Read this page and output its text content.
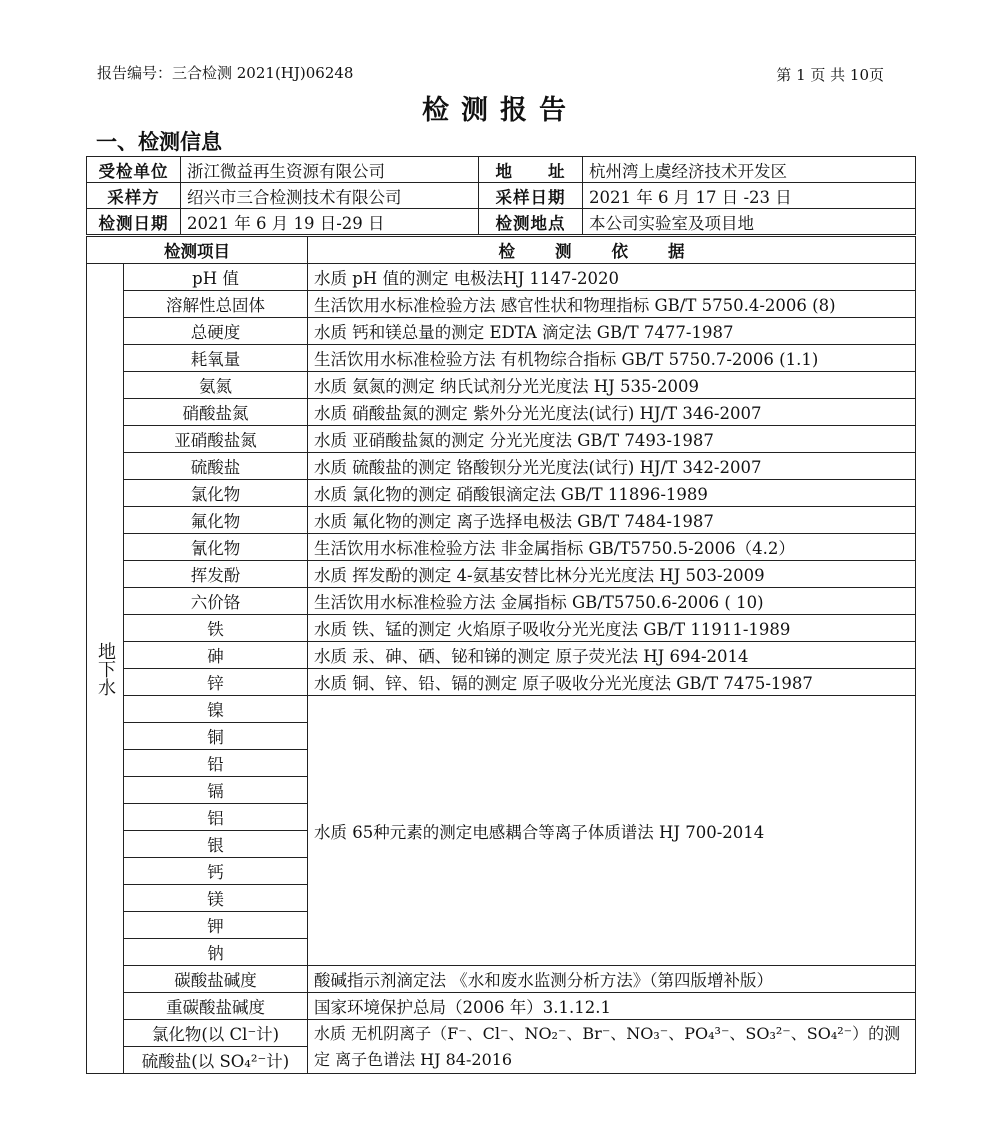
报告编号：三合检测 2021(HJ)06248	第 1 页 共 10页
检测报告
一、检测信息
受检单位	浙江微益再生资源有限公司	地　　址	杭州湾上虞经济技术开发区
采样方	绍兴市三合检测技术有限公司	采样日期	2021 年 6 月 17 日 -23 日
检测日期	2021 年 6 月 19 日-29 日	检测地点	本公司实验室及项目地
检测项目		检测依据

地下水	pH 值	水质 pH 值的测定 电极法HJ 1147-2020
	溶解性总固体	生活饮用水标准检验方法 感官性状和物理指标 GB/T 5750.4-2006 (8)
	总硬度	水质 钙和镁总量的测定 EDTA 滴定法 GB/T 7477-1987
	耗氧量	生活饮用水标准检验方法 有机物综合指标 GB/T 5750.7-2006 (1.1)
	氨氮	水质 氨氮的测定 纳氏试剂分光光度法 HJ 535-2009
	硝酸盐氮	水质 硝酸盐氮的测定 紫外分光光度法(试行) HJ/T 346-2007
	亚硝酸盐氮	水质 亚硝酸盐氮的测定 分光光度法 GB/T 7493-1987
	硫酸盐	水质 硫酸盐的测定 铬酸钡分光光度法(试行) HJ/T 342-2007
	氯化物	水质 氯化物的测定 硝酸银滴定法 GB/T 11896-1989
	氟化物	水质 氟化物的测定 离子选择电极法 GB/T 7484-1987
	氰化物	生活饮用水标准检验方法 非金属指标 GB/T5750.5-2006（4.2）
	挥发酚	水质 挥发酚的测定 4-氨基安替比林分光光度法 HJ 503-2009
	六价铬	生活饮用水标准检验方法 金属指标 GB/T5750.6-2006 ( 10)
	铁	水质 铁、锰的测定 火焰原子吸收分光光度法 GB/T 11911-1989
	砷	水质 汞、砷、硒、铋和锑的测定 原子荧光法 HJ 694-2014
	锌	水质 铜、锌、铅、镉的测定 原子吸收分光光度法 GB/T 7475-1987
	镍	水质 65种元素的测定电感耦合等离子体质谱法 HJ 700-2014
	铜	
	铅	
	镉	
	铝	
	银	
	钙	
	镁	
	钾	
	钠	
	碳酸盐碱度	酸碱指示剂滴定法 《水和废水监测分析方法》（第四版增补版）
	重碳酸盐碱度	国家环境保护总局（2006 年）3.1.12.1
	氯化物(以 Cl⁻计)	水质 无机阴离子（F⁻、Cl⁻、NO₂⁻、Br⁻、NO₃⁻、PO₄³⁻、SO₃²⁻、SO₄²⁻）的测定 离子色谱法 HJ 84-2016
	硫酸盐(以 SO₄²⁻计)	
